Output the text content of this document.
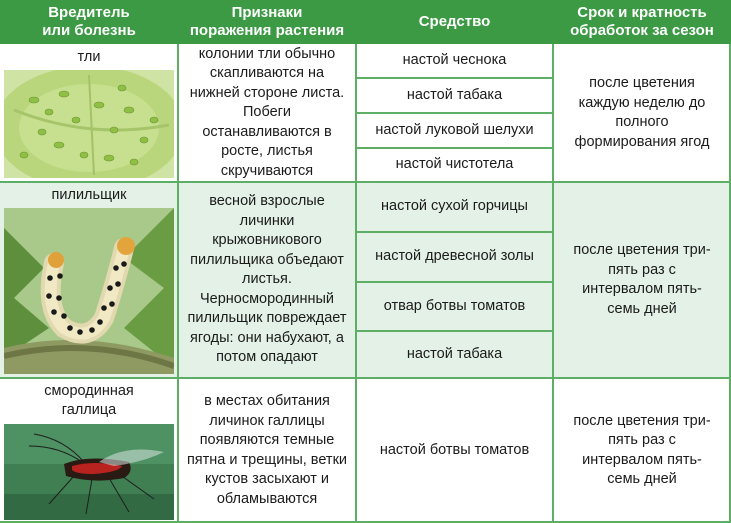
Вредитель
или болезнь
Признаки
поражения растения
Средство
Срок и кратность
обработок за сезон
тли	колонии тли обычно скапливаются на нижней стороне листа. Побеги останавливаются в росте, листья скручиваются
настой чеснока
настой табака
настой луковой шелухи
настой чистотела
после цветения каждую неделю до полного формирования ягод
пилильщик	весной взрослые личинки крыжовникового пилильщика объедают листья. Черносмородинный пилильщик повреждает ягоды: они набухают, а потом опадают
настой сухой горчицы
настой древесной золы
отвар ботвы томатов
настой табака
после цветения три-пять раз с интервалом пять-семь дней
смородинная
галлица
в местах обитания личинок галлицы появляются темные пятна и трещины, ветки кустов засыхают и обламываются
настой ботвы томатов
после цветения три-пять раз с интервалом пять-семь дней
